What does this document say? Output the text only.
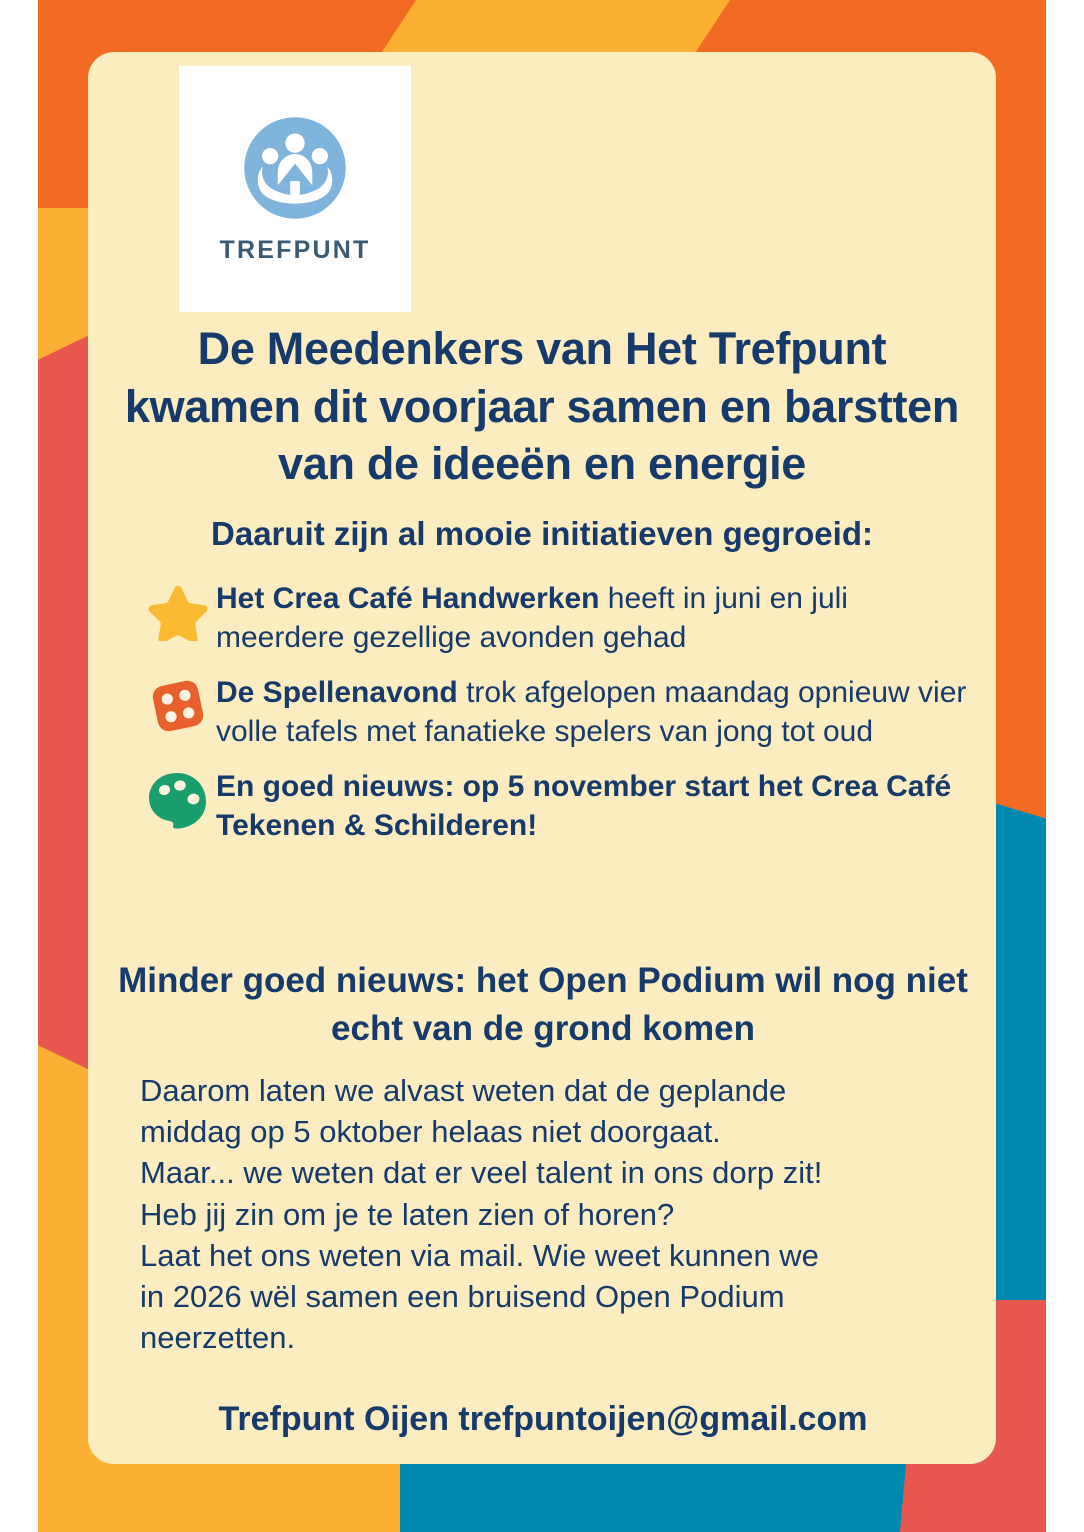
TREFPUNT
De Meedenkers van Het Trefpunt kwamen dit voorjaar samen en barstten van de ideeën en energie
Daaruit zijn al mooie initiatieven gegroeid:
Het Crea Café Handwerken heeft in juni en juli meerdere gezellige avonden gehad
De Spellenavond trok afgelopen maandag opnieuw vier volle tafels met fanatieke spelers van jong tot oud
En goed nieuws: op 5 november start het Crea Café Tekenen & Schilderen!
Minder goed nieuws: het Open Podium wil nog niet echt van de grond komen
Daarom laten we alvast weten dat de geplande
middag op 5 oktober helaas niet doorgaat.
Maar... we weten dat er veel talent in ons dorp zit!
Heb jij zin om je te laten zien of horen?
Laat het ons weten via mail. Wie weet kunnen we
in 2026 wël samen een bruisend Open Podium
neerzetten.
Trefpunt Oijen trefpuntoijen@gmail.com
